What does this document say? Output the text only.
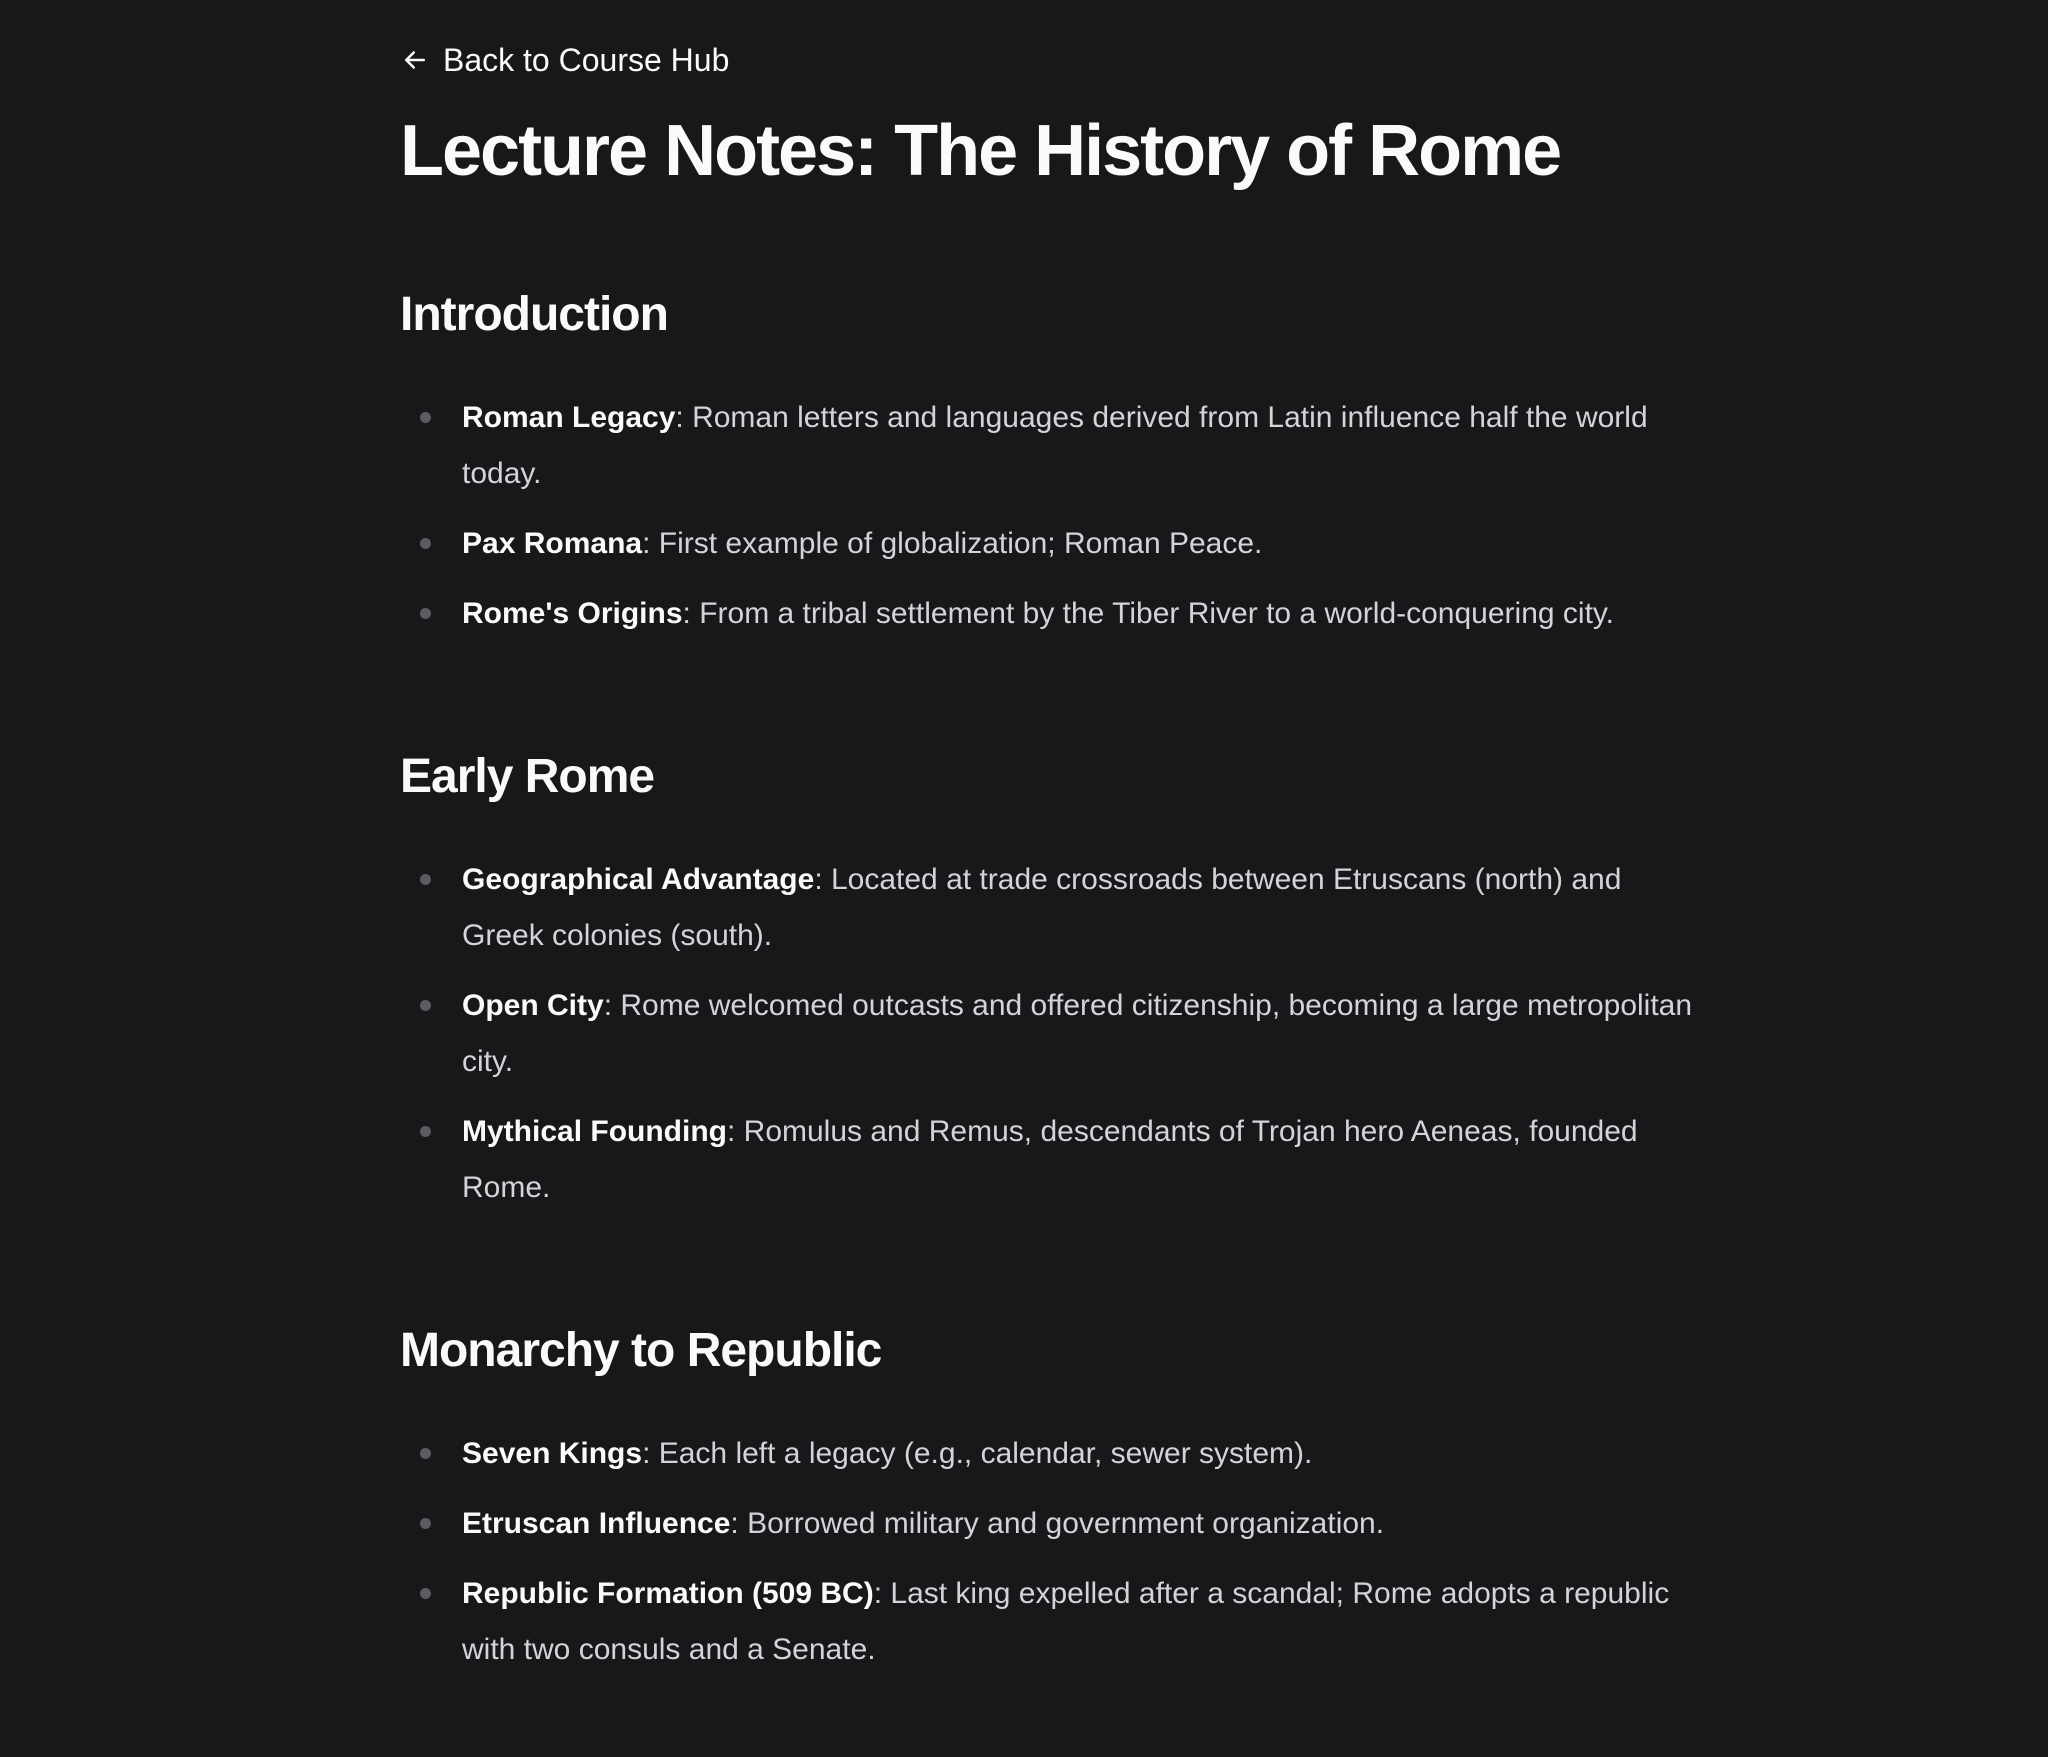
Back to Course Hub
Lecture Notes: The History of Rome
Introduction
Roman Legacy: Roman letters and languages derived from Latin influence half the world today.
Pax Romana: First example of globalization; Roman Peace.
Rome's Origins: From a tribal settlement by the Tiber River to a world-conquering city.
Early Rome
Geographical Advantage: Located at trade crossroads between Etruscans (north) and Greek colonies (south).
Open City: Rome welcomed outcasts and offered citizenship, becoming a large metropolitan city.
Mythical Founding: Romulus and Remus, descendants of Trojan hero Aeneas, founded Rome.
Monarchy to Republic
Seven Kings: Each left a legacy (e.g., calendar, sewer system).
Etruscan Influence: Borrowed military and government organization.
Republic Formation (509 BC): Last king expelled after a scandal; Rome adopts a republic with two consuls and a Senate.
